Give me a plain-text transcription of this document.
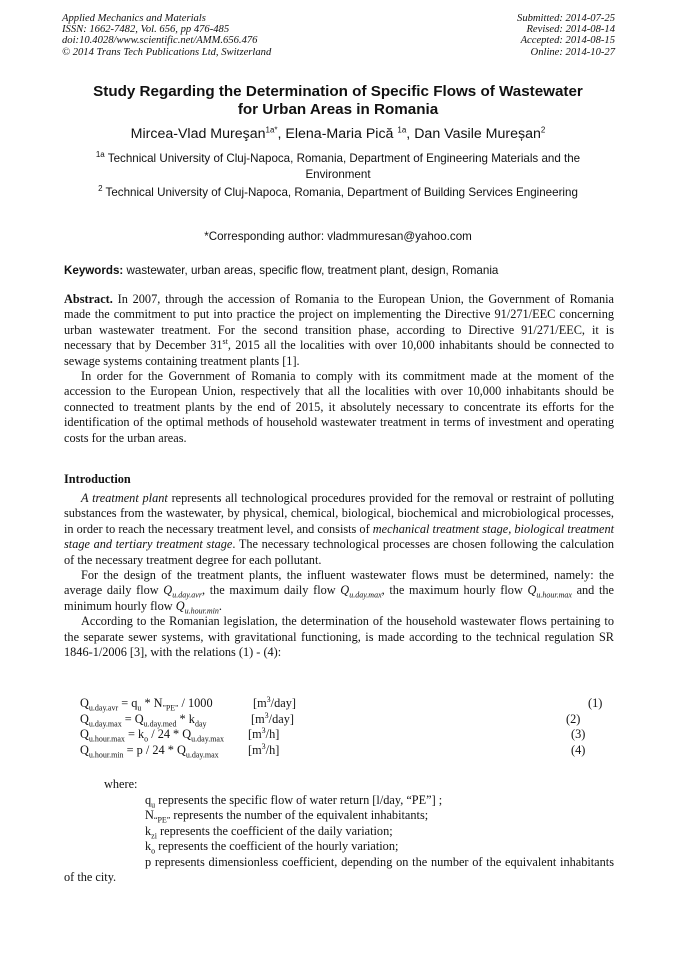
Applied Mechanics and Materials
ISSN: 1662-7482, Vol. 656, pp 476-485
doi:10.4028/www.scientific.net/AMM.656.476
© 2014 Trans Tech Publications Ltd, Switzerland
Submitted: 2014-07-25
Revised: 2014-08-14
Accepted: 2014-08-15
Online: 2014-10-27
Study Regarding the Determination of Specific Flows of Wastewater
for Urban Areas in Romania
Mircea-Vlad Mureşan$^{1a*}$, Elena-Maria Pică $^{1a}$, Dan Vasile Mureșan$^2$
$^{1a}$ Technical University of Cluj-Napoca, Romania, Department of Engineering Materials and the Environment
$^2$ Technical University of Cluj-Napoca, Romania, Department of Building Services Engineering
*Corresponding author: vladmmuresan@yahoo.com
Keywords: wastewater, urban areas, specific flow, treatment plant, design, Romania

Abstract. In 2007, through the accession of Romania to the European Union, the Government of Romania made the commitment to put into practice the project on implementing the Directive 91/271/EEC concerning urban wastewater treatment. For the second transition phase, according to Directive 91/271/EEC, it is necessary that by December 31st, 2015 all the localities with over 10,000 inhabitants should be connected to sewage systems containing treatment plants [1].

In order for the Government of Romania to comply with its commitment made at the moment of the accession to the European Union, respectively that all the localities with over 10,000 inhabitants should be connected to treatment plants by the end of 2015, it absolutely necessary to concentrate its efforts for the identification of the optimal methods of household wastewater treatment in terms of investment and operating costs for the urban areas.

Introduction

A treatment plant represents all technological procedures provided for the removal or restraint of polluting substances from the wastewater, by physical, chemical, biological, biochemical and microbiological processes, in order to reach the necessary treatment level, and consists of mechanical treatment stage, biological treatment stage and tertiary treatment stage. The necessary technological processes are chosen following the calculation of the necessary treatment degree for each pollutant.

For the design of the treatment plants, the influent wastewater flows must be determined, namely: the average daily flow $Q_{u.day.avr}$, the maximum daily flow $Q_{u.day.max}$, the maximum hourly flow $Q_{u.hour.max}$ and the minimum hourly flow $Q_{u.hour.min}$.

According to the Romanian legislation, the determination of the household wastewater flows pertaining to the separate sewer systems, with gravitational functioning, is made according to the technical regulation SR 1846-1/2006 [3], with the relations (1) - (4):

$Q_{u.day.avr} = q_u * N_{"PE"} / 1000$	$[m^3/day]$	(1)
$Q_{u.day.max} = Q_{u.day.med} * k_{day}$	$[m^3/day]$	(2)
$Q_{u.hour.max} = k_o / 24 * Q_{u.day.max}$ $[m^3/h]$	(3)
$Q_{u.hour.min} = p / 24 * Q_{u.day.max}$ $[m^3/h]$	(4)
where:
$q_u$ represents the specific flow of water return [l/day, “PE”] ;
$N_{“PE”}$ represents the number of the equivalent inhabitants;
$k_{zi}$ represents the coefficient of the daily variation;
$k_o$ represents the coefficient of the hourly variation;
p represents dimensionless coefficient, depending on the number of the equivalent inhabitants of the city.
